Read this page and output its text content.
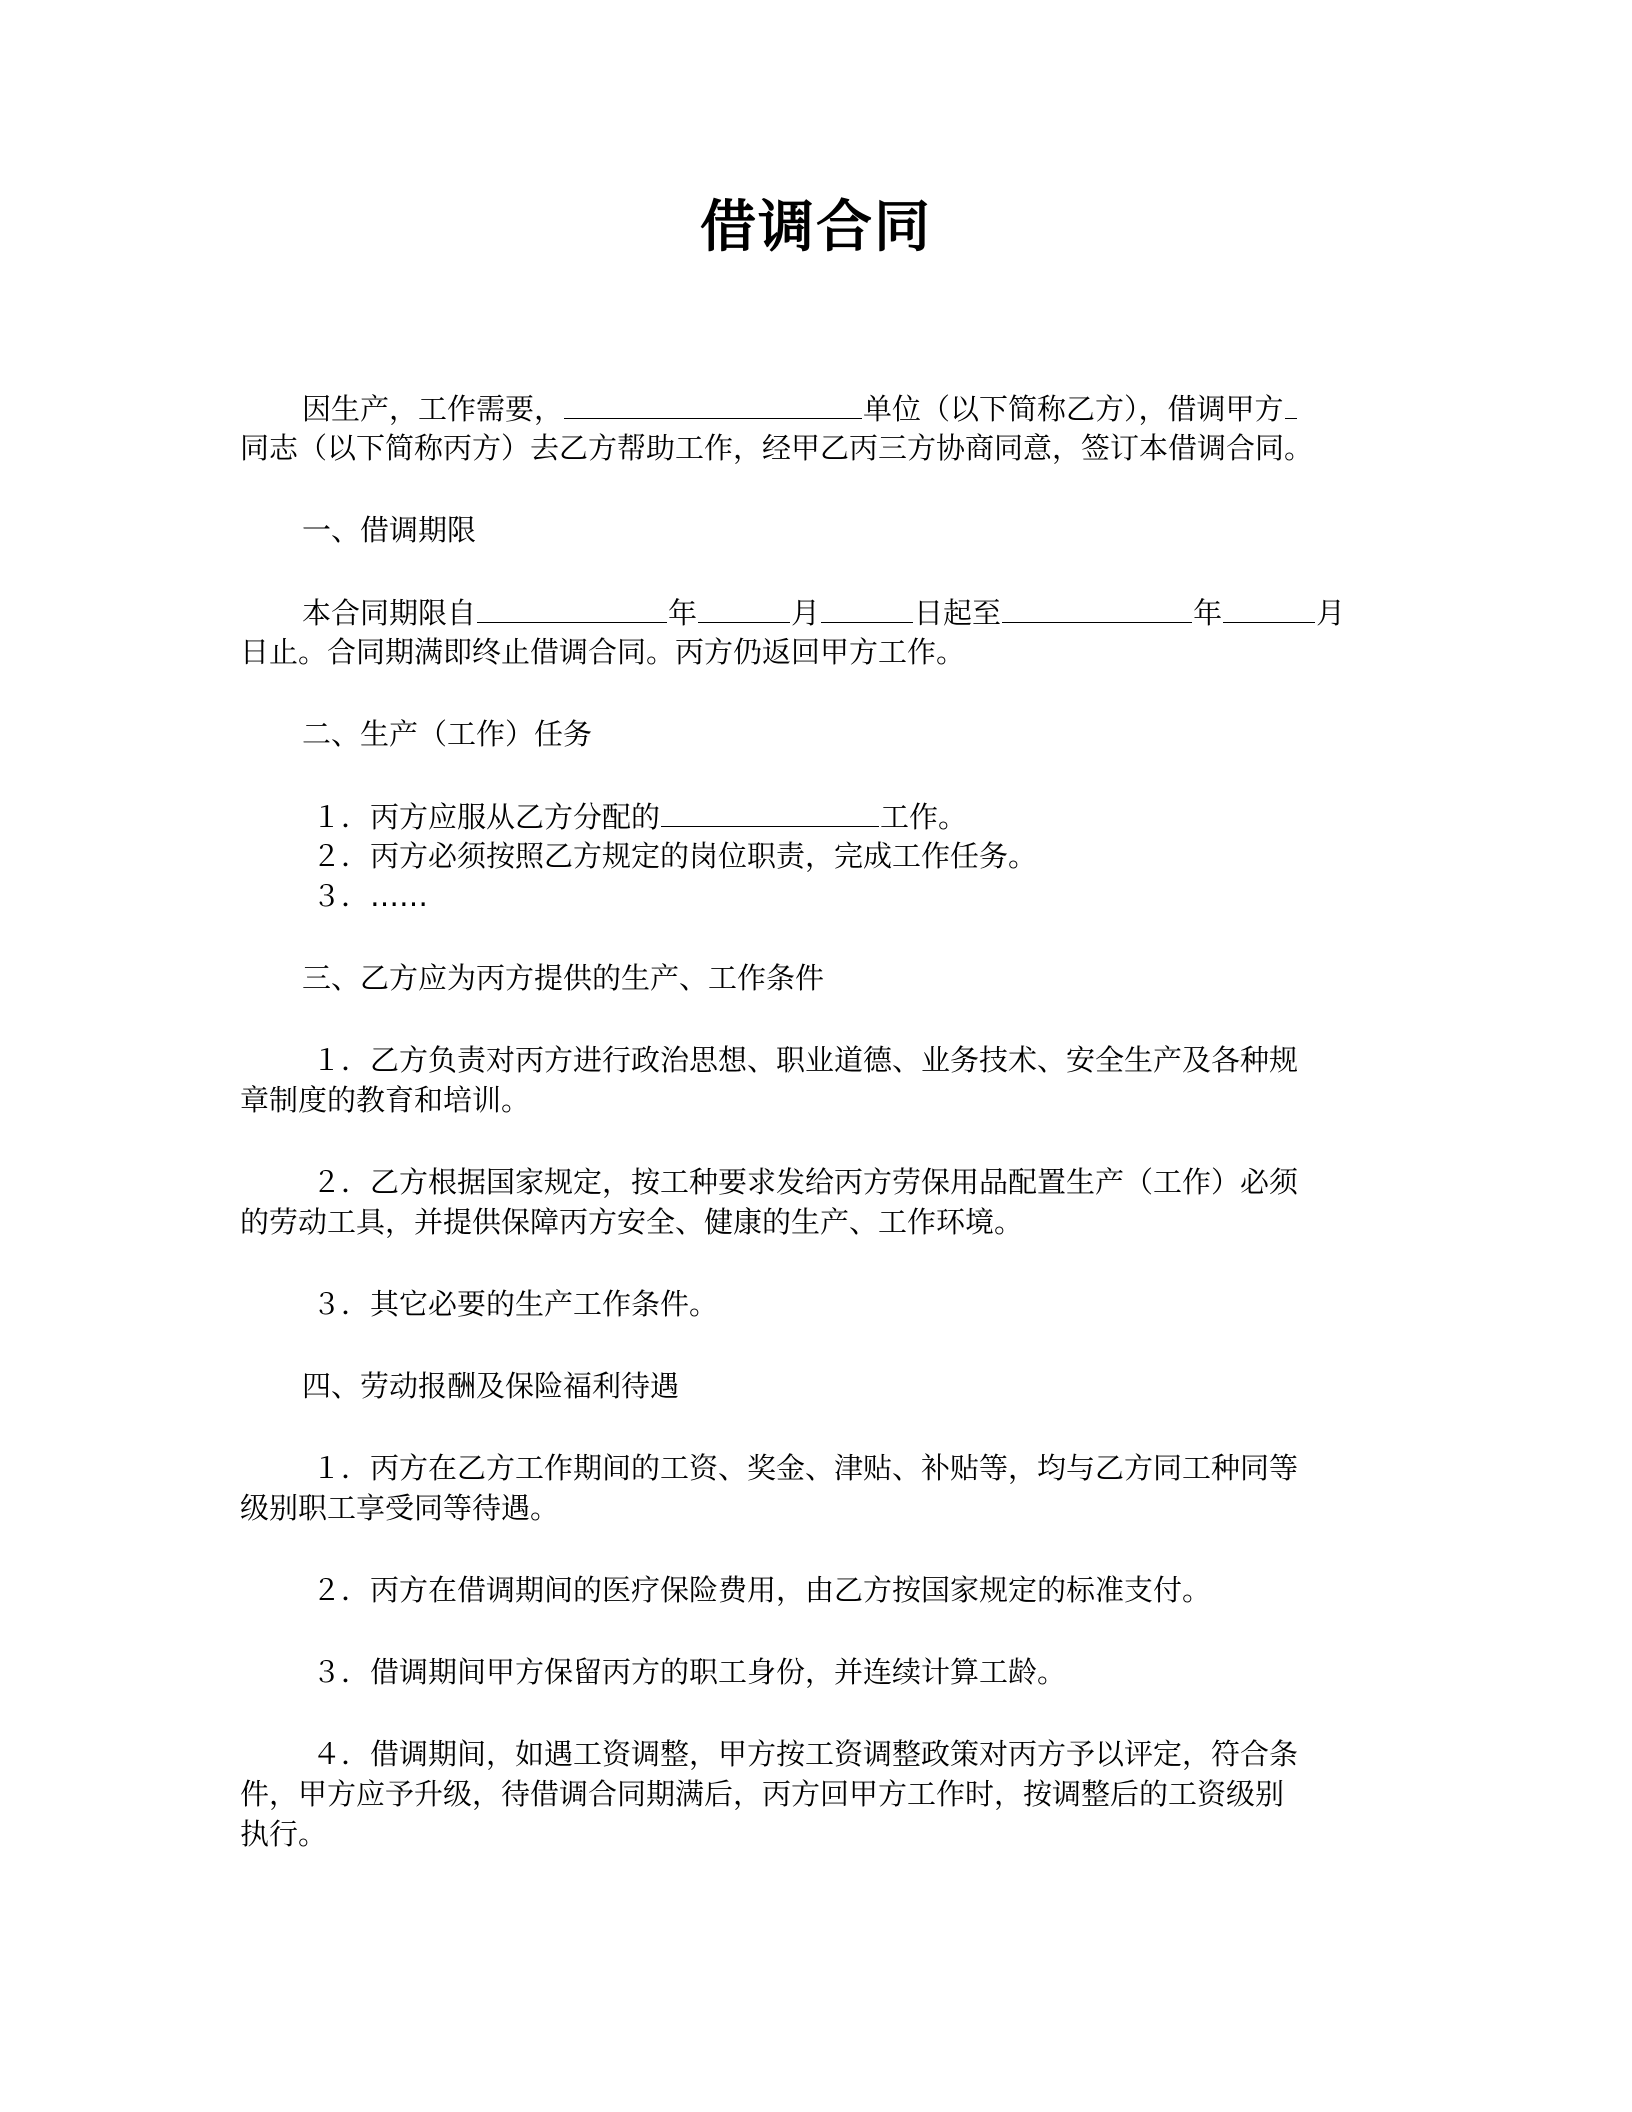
借调合同

因生产，工作需要，	单位（以下简称乙方），借调甲方

同志（以下简称丙方）去乙方帮助工作，经甲乙丙三方协商同意，签订本借调合同。

一、借调期限

本合同期限自	年	月	日起至	年	月

日止。合同期满即终止借调合同。丙方仍返回甲方工作。

二、生产（工作）任务

１．丙方应服从乙方分配的	工作。

２．丙方必须按照乙方规定的岗位职责，完成工作任务。

３．……

三、乙方应为丙方提供的生产、工作条件

１．乙方负责对丙方进行政治思想、职业道德、业务技术、安全生产及各种规

章制度的教育和培训。

２．乙方根据国家规定，按工种要求发给丙方劳保用品配置生产（工作）必须

的劳动工具，并提供保障丙方安全、健康的生产、工作环境。

３．其它必要的生产工作条件。

四、劳动报酬及保险福利待遇

１．丙方在乙方工作期间的工资、奖金、津贴、补贴等，均与乙方同工种同等

级别职工享受同等待遇。

２．丙方在借调期间的医疗保险费用，由乙方按国家规定的标准支付。

３．借调期间甲方保留丙方的职工身份，并连续计算工龄。

４．借调期间，如遇工资调整，甲方按工资调整政策对丙方予以评定，符合条

件，甲方应予升级，待借调合同期满后，丙方回甲方工作时，按调整后的工资级别

执行。
